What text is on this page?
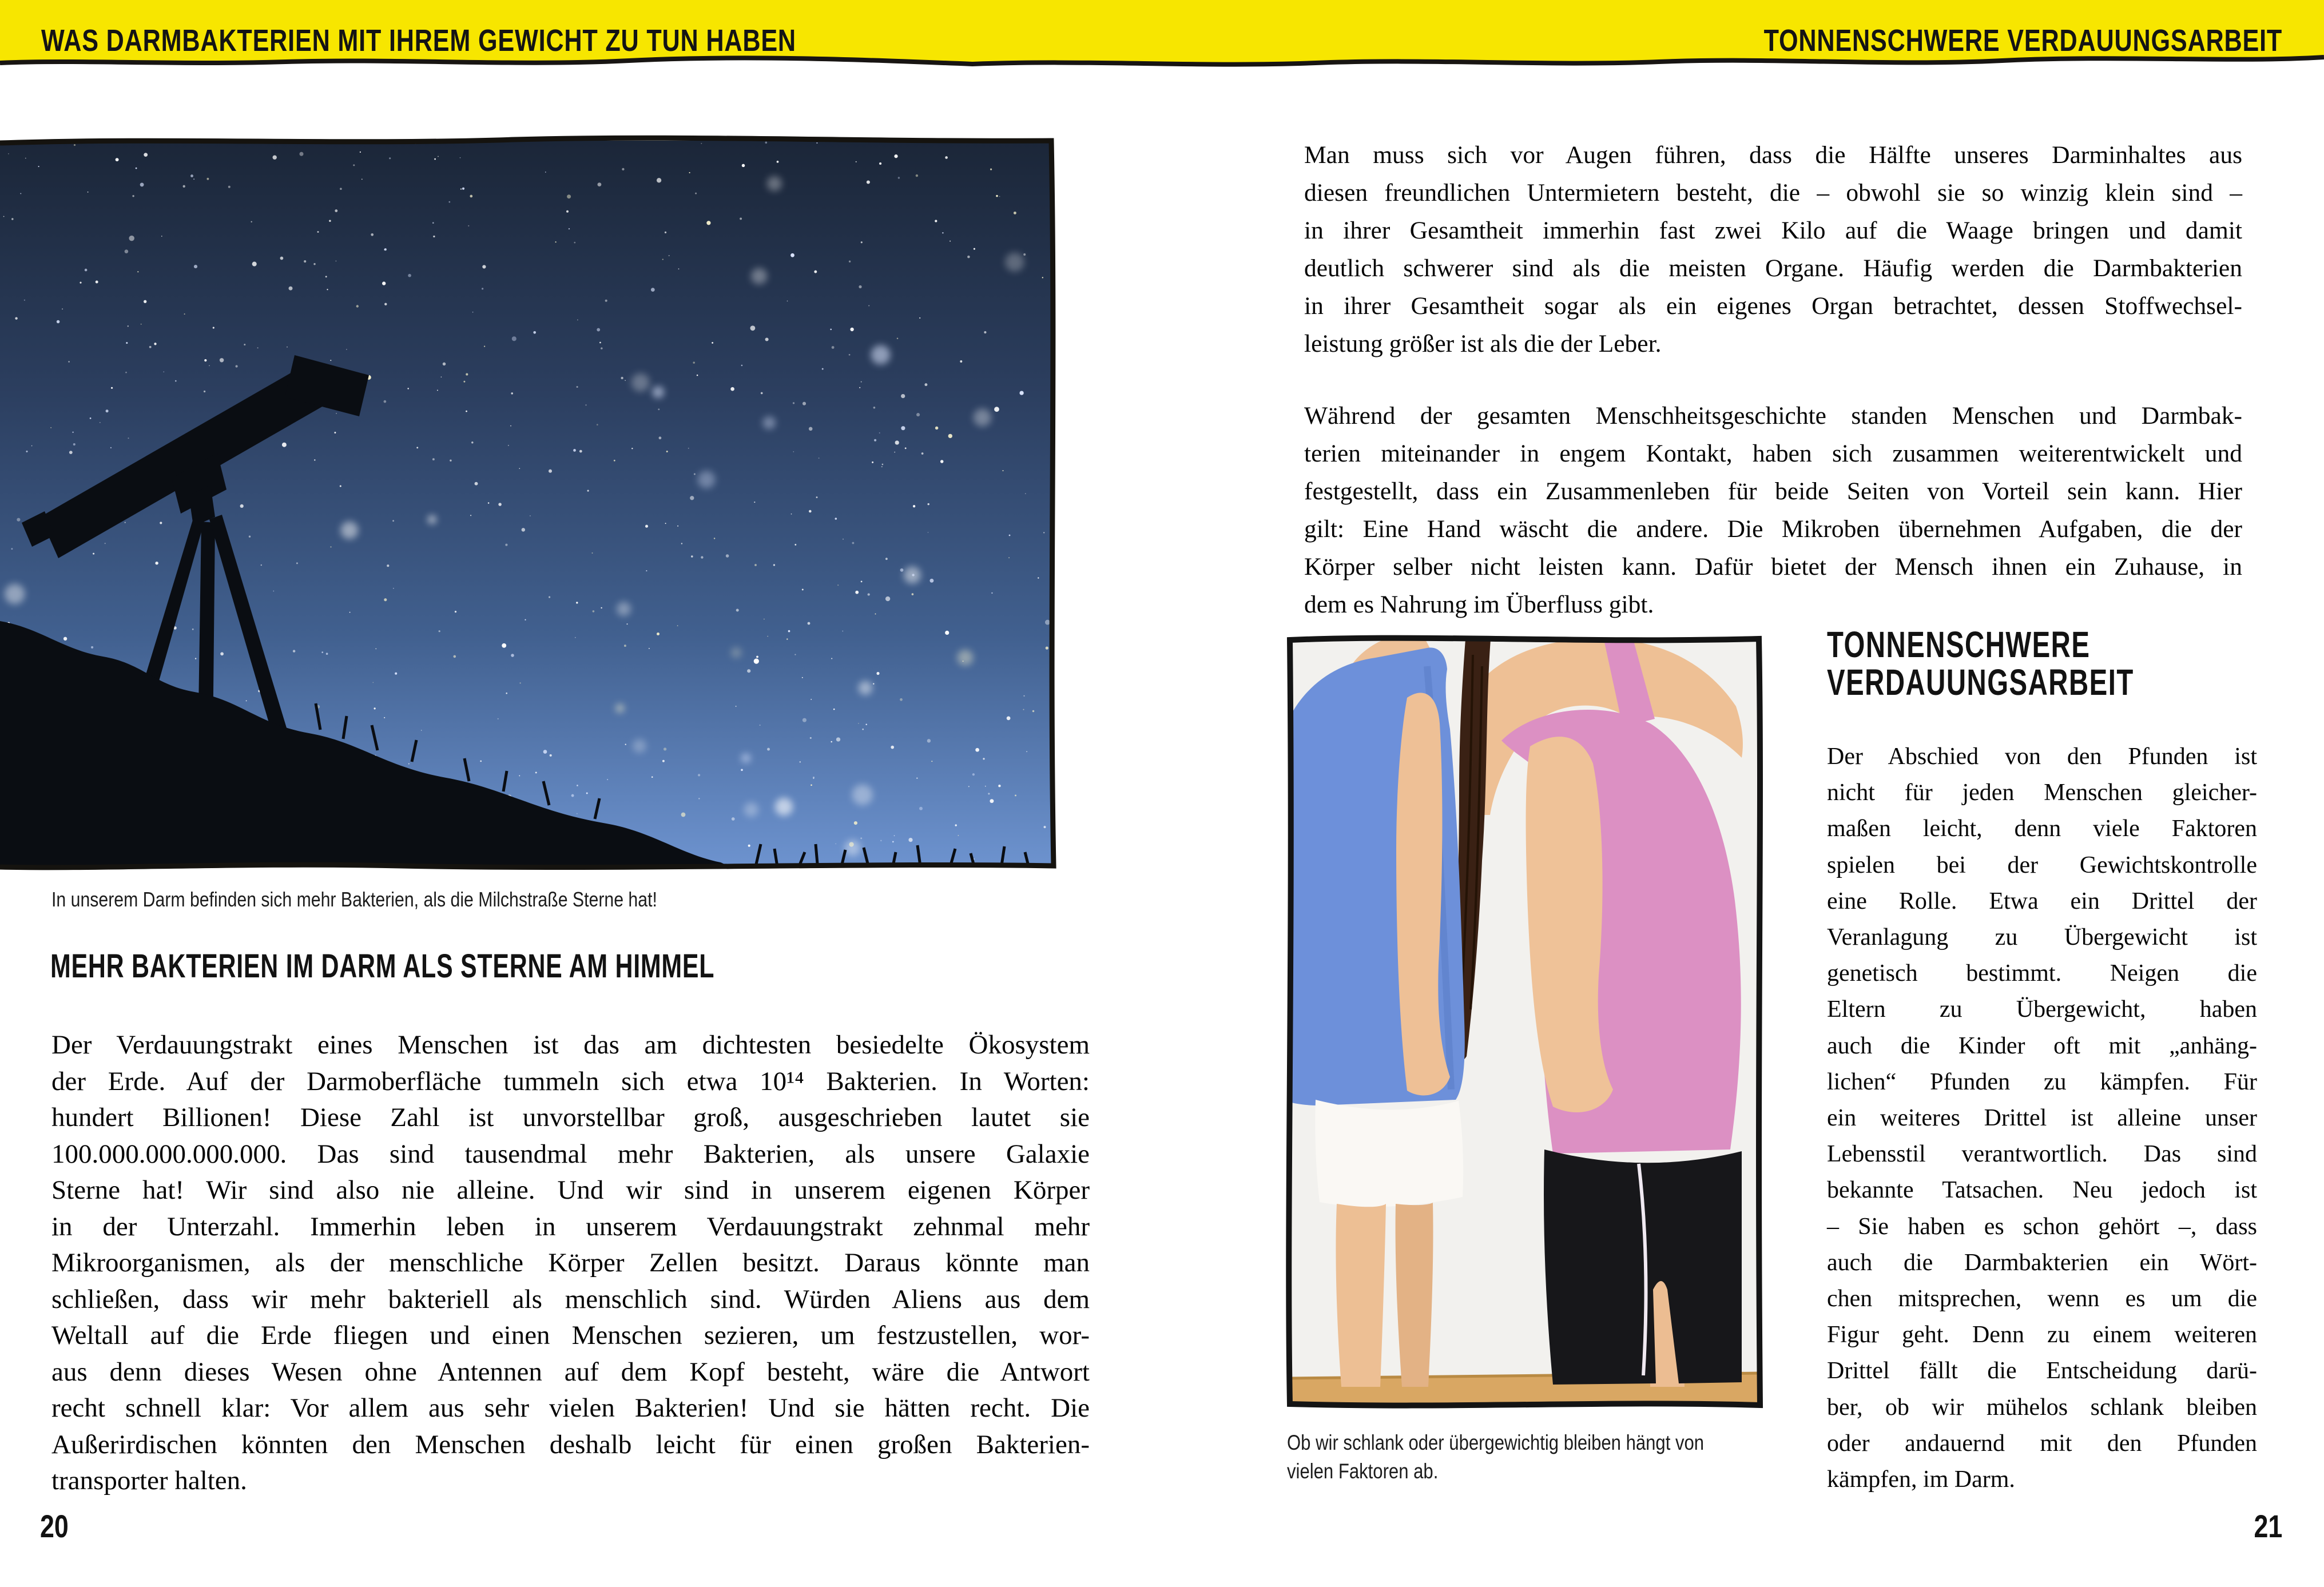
WAS DARMBAKTERIEN MIT IHREM GEWICHT ZU TUN HABEN	TONNENSCHWERE VERDAUUNGSARBEIT
In unserem Darm befinden sich mehr Bakterien, als die Milchstraße Sterne hat!
MEHR BAKTERIEN IM DARM ALS STERNE AM HIMMEL
Der Verdauungstrakt eines Menschen ist das am dichtesten besiedelte Ökosystem
der Erde. Auf der Darmoberfläche tummeln sich etwa 10¹⁴ Bakterien. In Worten:
hundert Billionen! Diese Zahl ist unvorstellbar groß, ausgeschrieben lautet sie
100.000.000.000.000. Das sind tausendmal mehr Bakterien, als unsere Galaxie
Sterne hat! Wir sind also nie alleine. Und wir sind in unserem eigenen Körper
in der Unterzahl. Immerhin leben in unserem Verdauungstrakt zehnmal mehr
Mikroorganismen, als der menschliche Körper Zellen besitzt. Daraus könnte man
schließen, dass wir mehr bakteriell als menschlich sind. Würden Aliens aus dem
Weltall auf die Erde fliegen und einen Menschen sezieren, um festzustellen, wor-
aus denn dieses Wesen ohne Antennen auf dem Kopf besteht, wäre die Antwort
recht schnell klar: Vor allem aus sehr vielen Bakterien! Und sie hätten recht. Die
Außerirdischen könnten den Menschen deshalb leicht für einen großen Bakterien-
transporter halten.
20
Man muss sich vor Augen führen, dass die Hälfte unseres Darminhaltes aus
diesen freundlichen Untermietern besteht, die – obwohl sie so winzig klein sind –
in ihrer Gesamtheit immerhin fast zwei Kilo auf die Waage bringen und damit
deutlich schwerer sind als die meisten Organe. Häufig werden die Darmbakterien
in ihrer Gesamtheit sogar als ein eigenes Organ betrachtet, dessen Stoffwechsel-
leistung größer ist als die der Leber.
Während der gesamten Menschheitsgeschichte standen Menschen und Darmbak-
terien miteinander in engem Kontakt, haben sich zusammen weiterentwickelt und
festgestellt, dass ein Zusammenleben für beide Seiten von Vorteil sein kann. Hier
gilt: Eine Hand wäscht die andere. Die Mikroben übernehmen Aufgaben, die der
Körper selber nicht leisten kann. Dafür bietet der Mensch ihnen ein Zuhause, in
dem es Nahrung im Überfluss gibt.
Ob wir schlank oder übergewichtig bleiben hängt von
vielen Faktoren ab.
TONNENSCHWERE
VERDAUUNGSARBEIT
Der Abschied von den Pfunden ist
nicht für jeden Menschen gleicher-
maßen leicht, denn viele Faktoren
spielen bei der Gewichtskontrolle
eine Rolle. Etwa ein Drittel der
Veranlagung zu Übergewicht ist
genetisch bestimmt. Neigen die
Eltern zu Übergewicht, haben
auch die Kinder oft mit „anhäng-
lichen“ Pfunden zu kämpfen. Für
ein weiteres Drittel ist alleine unser
Lebensstil verantwortlich. Das sind
bekannte Tatsachen. Neu jedoch ist
– Sie haben es schon gehört –, dass
auch die Darmbakterien ein Wört-
chen mitsprechen, wenn es um die
Figur geht. Denn zu einem weiteren
Drittel fällt die Entscheidung darü-
ber, ob wir mühelos schlank bleiben
oder andauernd mit den Pfunden
kämpfen, im Darm.
21
